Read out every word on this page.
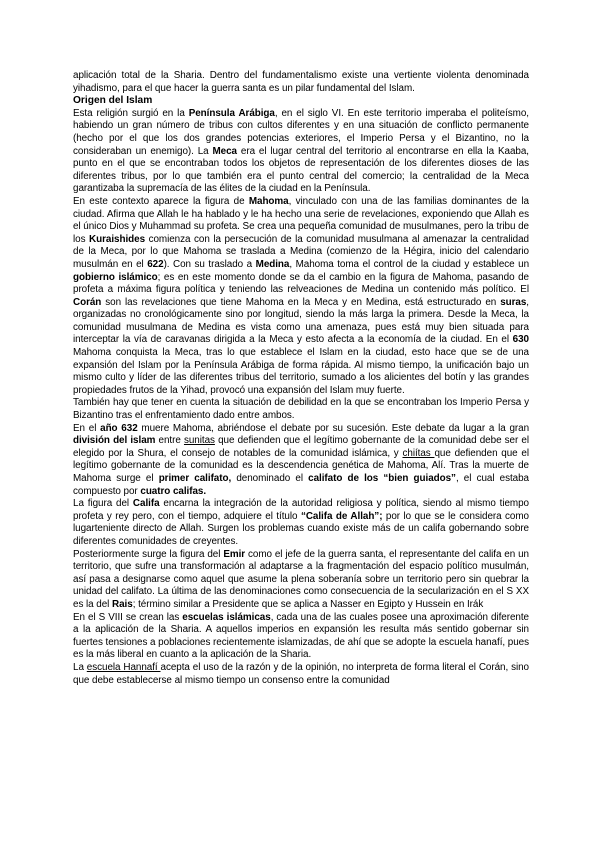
aplicación total de la Sharia. Dentro del fundamentalismo existe una vertiente violenta denominada yihadismo, para el que hacer la guerra santa es un pilar fundamental del Islam.

Origen del Islam

Esta religión surgió en la Península Arábiga, en el siglo VI. En este territorio imperaba el politeísmo, habiendo un gran número de tribus con cultos diferentes y en una situación de conflicto permanente (hecho por el que los dos grandes potencias exteriores, el Imperio Persa y el Bizantino, no la consideraban un enemigo). La Meca era el lugar central del territorio al encontrarse en ella la Kaaba, punto en el que se encontraban todos los objetos de representación de los diferentes dioses de las diferentes tribus, por lo que también era el punto central del comercio; la centralidad de la Meca garantizaba la supremacía de las élites de la ciudad en la Península.

En este contexto aparece la figura de Mahoma, vinculado con una de las familias dominantes de la ciudad. Afirma que Allah le ha hablado y le ha hecho una serie de revelaciones, exponiendo que Allah es el único Dios y Muhammad su profeta. Se crea una pequeña comunidad de musulmanes, pero la tribu de los Kuraishides comienza con la persecución de la comunidad musulmana al amenazar la centralidad de la Meca, por lo que Mahoma se traslada a Medina (comienzo de la Hégira, inicio del calendario musulmán en el 622). Con su traslado a Medina, Mahoma toma el control de la ciudad y establece un gobierno islámico; es en este momento donde se da el cambio en la figura de Mahoma, pasando de profeta a máxima figura política y teniendo las relveaciones de Medina un contenido más político. El Corán son las revelaciones que tiene Mahoma en la Meca y en Medina, está estructurado en suras, organizadas no cronológicamente sino por longitud, siendo la más larga la primera. Desde la Meca, la comunidad musulmana de Medina es vista como una amenaza, pues está muy bien situada para interceptar la vía de caravanas dirigida a la Meca y esto afecta a la economía de la ciudad. En el 630 Mahoma conquista la Meca, tras lo que establece el Islam en la ciudad, esto hace que se de una expansión del Islam por la Península Arábiga de forma rápida. Al mismo tiempo, la unificación bajo un mismo culto y líder de las diferentes tribus del territorio, sumado a los alicientes del botín y las grandes propiedades frutos de la Yihad, provocó una expansión del Islam muy fuerte.

También hay que tener en cuenta la situación de debilidad en la que se encontraban los Imperio Persa y Bizantino tras el enfrentamiento dado entre ambos.

En el año 632 muere Mahoma, abriéndose el debate por su sucesión. Este debate da lugar a la gran división del islam entre sunitas que defienden que el legítimo gobernante de la comunidad debe ser el elegido por la Shura, el consejo de notables de la comunidad islámica, y chiítas que defienden que el legítimo gobernante de la comunidad es la descendencia genética de Mahoma, Alí. Tras la muerte de Mahoma surge el primer califato, denominado el califato de los “bien guiados”, el cual estaba compuesto por cuatro califas.

La figura del Califa encarna la integración de la autoridad religiosa y política, siendo al mismo tiempo profeta y rey pero, con el tiempo, adquiere el título “Califa de Allah”; por lo que se le considera como lugarteniente directo de Allah. Surgen los problemas cuando existe más de un califa gobernando sobre diferentes comunidades de creyentes.

Posteriormente surge la figura del Emir como el jefe de la guerra santa, el representante del califa en un territorio, que sufre una transformación al adaptarse a la fragmentación del espacio político musulmán, así pasa a designarse como aquel que asume la plena soberanía sobre un territorio pero sin quebrar la unidad del califato. La última de las denominaciones como consecuencia de la secularización en el S XX es la del Rais; término similar a Presidente que se aplica a Nasser en Egipto y Hussein en Irák

En el S VIII se crean las escuelas islámicas, cada una de las cuales posee una aproximación diferente a la aplicación de la Sharia. A aquellos imperios en expansión les resulta más sentido gobernar sin fuertes tensiones a poblaciones recientemente islamizadas, de ahí que se adopte la escuela hanafí, pues es la más liberal en cuanto a la aplicación de la Sharia.

La escuela Hannafí acepta el uso de la razón y de la opinión, no interpreta de forma literal el Corán, sino que debe establecerse al mismo tiempo un consenso entre la comunidad
